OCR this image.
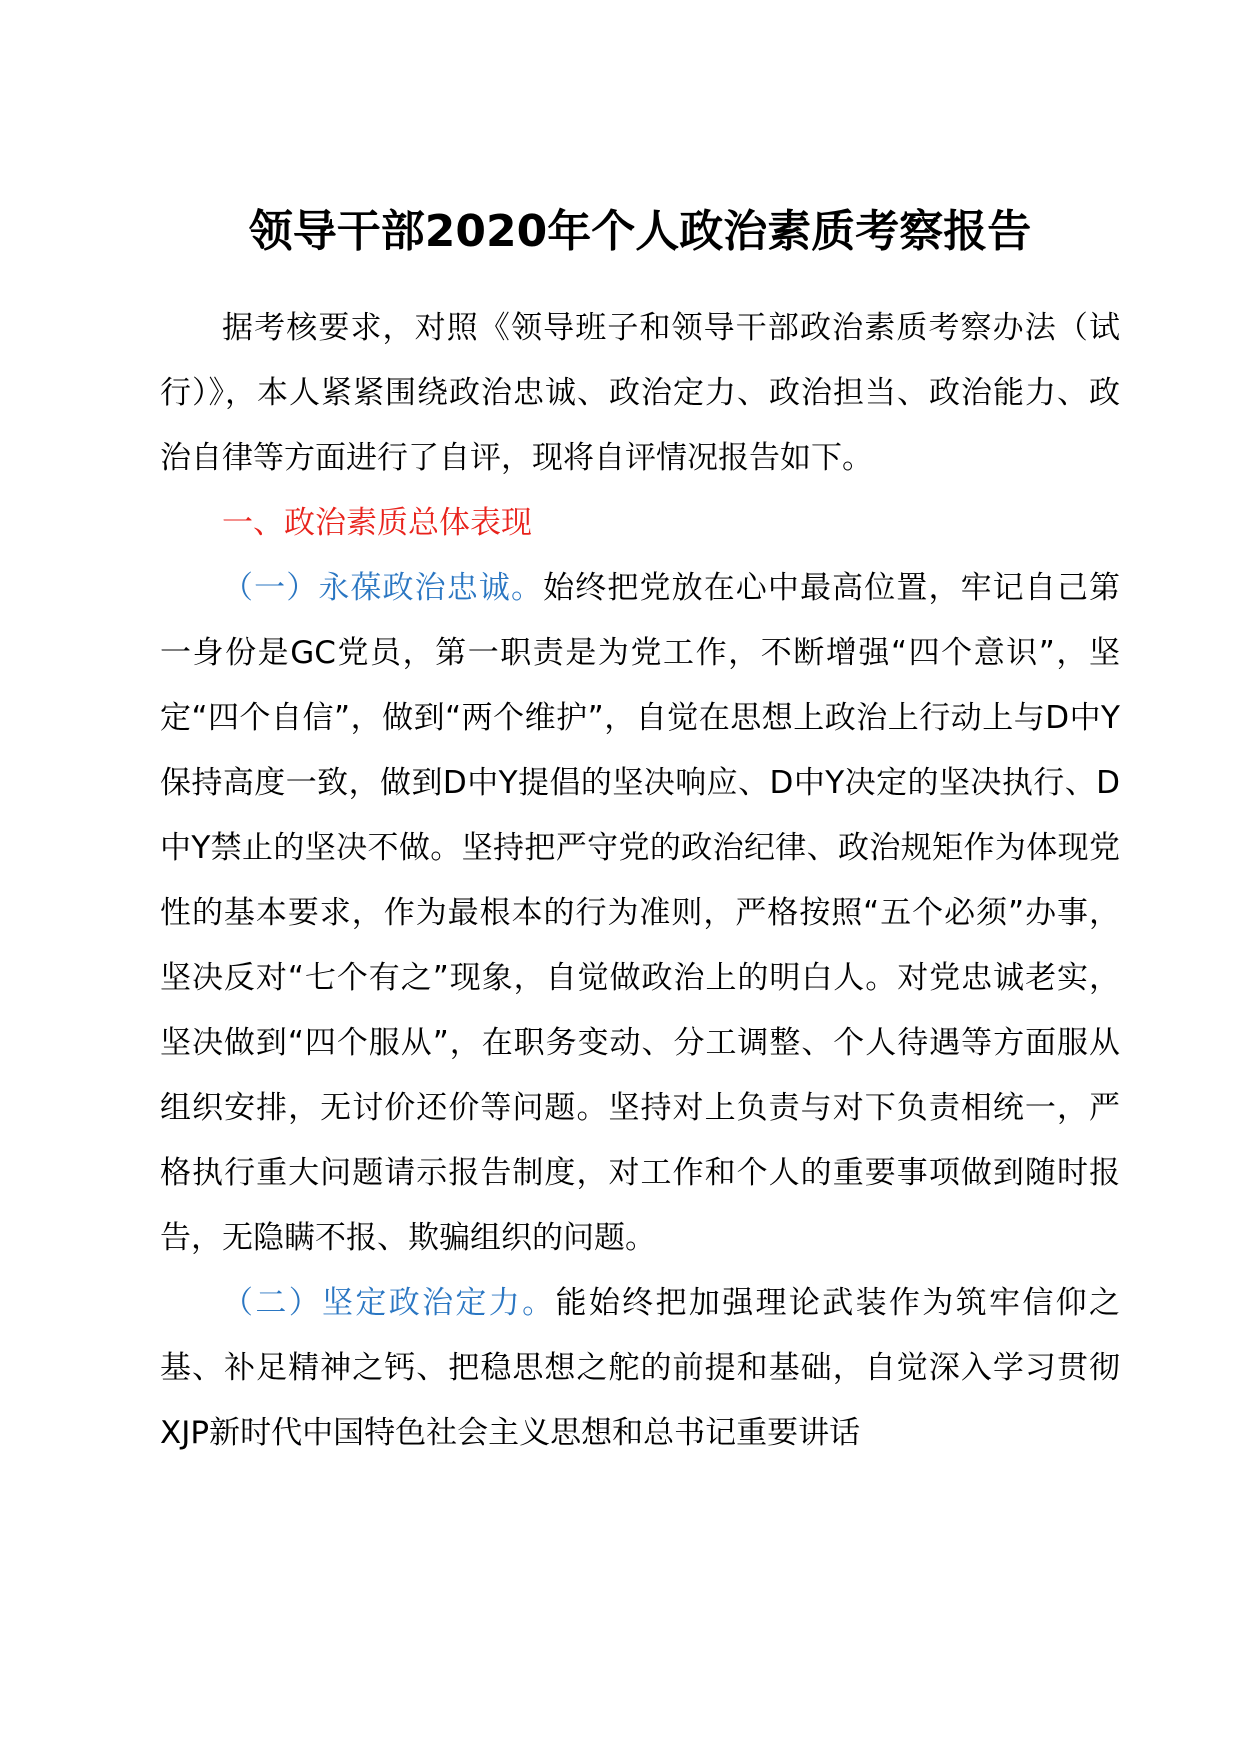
领导干部2020年个人政治素质考察报告

据考核要求，对照《领导班子和领导干部政治素质考察办法（试行）》，本人紧紧围绕政治忠诚、政治定力、政治担当、政治能力、政治自律等方面进行了自评，现将自评情况报告如下。

一、政治素质总体表现

（一）永葆政治忠诚。始终把党放在心中最高位置，牢记自己第一身份是GC党员，第一职责是为党工作，不断增强“四个意识”，坚定“四个自信”，做到“两个维护”，自觉在思想上政治上行动上与D中Y保持高度一致，做到D中Y提倡的坚决响应、D中Y决定的坚决执行、D中Y禁止的坚决不做。坚持把严守党的政治纪律、政治规矩作为体现党性的基本要求，作为最根本的行为准则，严格按照“五个必须”办事，坚决反对“七个有之”现象，自觉做政治上的明白人。对党忠诚老实，坚决做到“四个服从”，在职务变动、分工调整、个人待遇等方面服从组织安排，无讨价还价等问题。坚持对上负责与对下负责相统一，严格执行重大问题请示报告制度，对工作和个人的重要事项做到随时报告，无隐瞒不报、欺骗组织的问题。

（二）坚定政治定力。能始终把加强理论武装作为筑牢信仰之基、补足精神之钙、把稳思想之舵的前提和基础，自觉深入学习贯彻XJP新时代中国特色社会主义思想和总书记重要讲话
